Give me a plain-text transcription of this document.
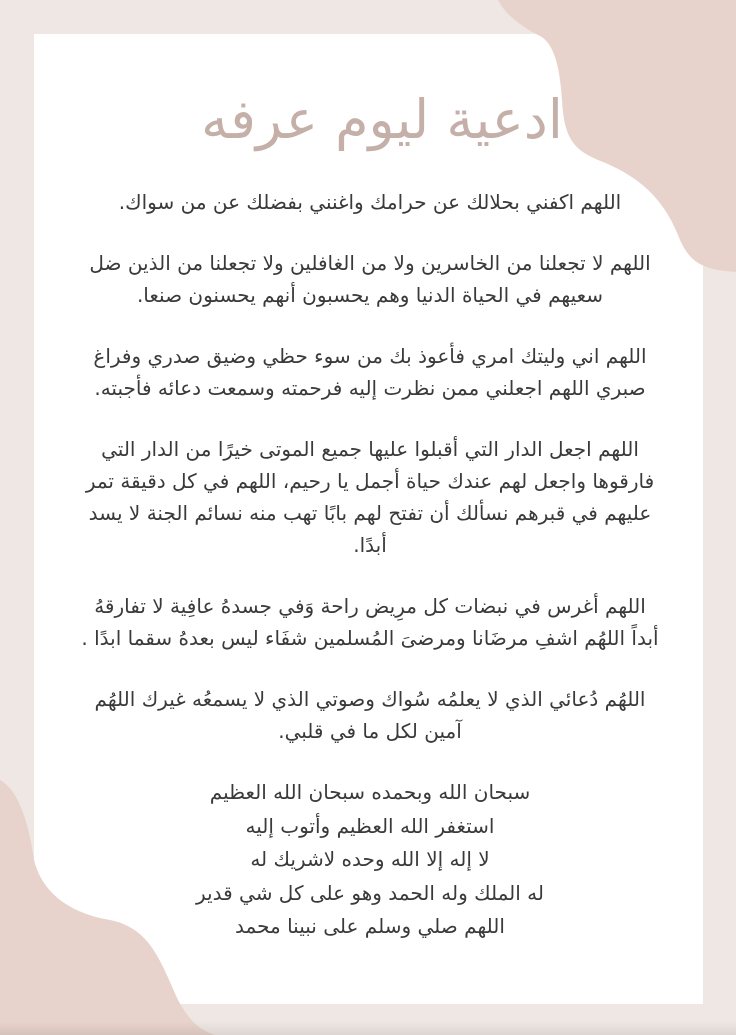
ادعية ليوم عرفه
اللهم اكفني بحلالك عن حرامك واغنني بفضلك عن من سواك.
اللهم لا تجعلنا من الخاسرين ولا من الغافلين ولا تجعلنا من الذين ضل
سعيهم في الحياة الدنيا وهم يحسبون أنهم يحسنون صنعا.
اللهم اني وليتك امري فأعوذ بك من سوء حظي وضيق صدري وفراغ
صبري اللهم اجعلني ممن نظرت إليه فرحمته وسمعت دعائه فأجبته.
اللهم اجعل الدار التي أقبلوا عليها جميع الموتى خيرًا من الدار التي
فارقوها واجعل لهم عندك حياة أجمل يا رحيم، اللهم في كل دقيقة تمر
عليهم في قبرهم نسألك أن تفتح لهم بابًا تهب منه نسائم الجنة لا يسد
أبدًا.
اللهم أغرس في نبضات كل مرِيض راحة وَفي جسدهُ عافِية لا تفارقهُ
أبداً اللهُم اشفِ مرضَانا ومرضىَ المُسلمين شفَاء ليس بعدهُ سقما ابدًا .
اللهُم دُعائي الذي لا يعلمُه سُواك وصوتي الذي لا يسمعُه غيرك اللهُم
آمين لكل ما في قلبي.
سبحان الله وبحمده سبحان الله العظيم
استغفر الله العظيم وأتوب إليه
لا إله إلا الله وحده لاشريك له
له الملك وله الحمد وهو على كل شي قدير
اللهم صلي وسلم على نبينا محمد
